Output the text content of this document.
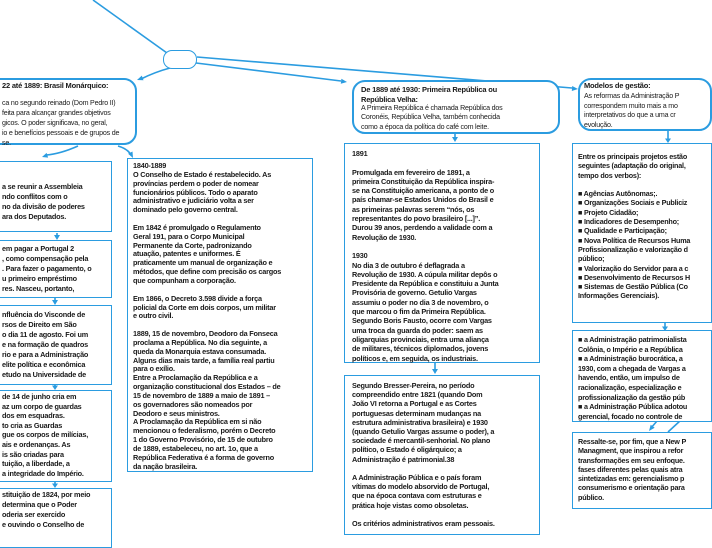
22 até 1889: Brasil Monárquico:
ca no segundo reinado (Dom Pedro II)
feita para alcançar grandes objetivos
gicos. O poder significava, no geral,
io e benefícios pessoais e de grupos de
se.
De 1889 até 1930: Primeira República ou
República Velha:
A Primeira República é chamada República dos
Coronéis, República Velha, também conhecida
como a época da política do café com leite.
Modelos de gestão:
As reformas da Administração P
correspondem muito mais a mo
interpretativos do que a uma cr
evolução.
a se reunir a Assembleia
ndo conflitos com o
no da divisão de poderes
ara dos Deputados.
em pagar a Portugal 2
, como compensação pela
. Para fazer o pagamento, o
u primeiro empréstimo
res. Nasceu, portanto,
nfluência do Visconde de
rsos de Direito em São
o dia 11 de agosto. Foi um
e na formação de quadros
rio e para a Administração
elite política e econômica
etudo na Universidade de
de 14 de junho cria em
az um corpo de guardas
dos em esquadras.
to cria as Guardas
gue os corpos de milícias,
ais e ordenanças. As
is são criadas para
tuição, a liberdade, a
a integridade do Império.
stituição de 1824, por meio
determina que o Poder
oderia ser exercido
e ouvindo o Conselho de
1840-1889
O Conselho de Estado é restabelecido. As
províncias perdem o poder de nomear
funcionários públicos. Todo o aparato
administrativo e judiciário volta a ser
dominado pelo governo central.

Em 1842 é promulgado o Regulamento
Geral 191, para o Corpo Municipal
Permanente da Corte, padronizando
atuação, patentes e uniformes. É
praticamente um manual de organização e
métodos, que define com precisão os cargos
que compunham a corporação.

Em 1866, o Decreto 3.598 divide a força
policial da Corte em dois corpos, um militar
e outro civil.

1889, 15 de novembro, Deodoro da Fonseca
proclama a República. No dia seguinte, a
queda da Monarquia estava consumada.
Alguns dias mais tarde, a família real partiu
para o exílio.
Entre a Proclamação da República e a
organização constitucional dos Estados – de
15 de novembro de 1889 a maio de 1891 –
os governadores são nomeados por
Deodoro e seus ministros.
A Proclamação da República em si não
mencionou o federalismo, porém o Decreto
1 do Governo Provisório, de 15 de outubro
de 1889, estabeleceu, no art. 1o, que a
República Federativa é a forma de governo
da nação brasileira.
1891

Promulgada em fevereiro de 1891, a
primeira Constituição da República inspira-
se na Constituição americana, a ponto de o
país chamar-se Estados Unidos do Brasil e
as primeiras palavras serem “nós, os
representantes do povo brasileiro [...]”.
Durou 39 anos, perdendo a validade com a
Revolução de 1930.

1930
No dia 3 de outubro é deflagrada a
Revolução de 1930. A cúpula militar depôs o
Presidente da República e constituiu a Junta
Provisória de governo. Getulio Vargas
assumiu o poder no dia 3 de novembro, o
que marcou o fim da Primeira República.
Segundo Boris Fausto, ocorre com Vargas
uma troca da guarda do poder: saem as
oligarquias provinciais, entra uma aliança
de militares, técnicos diplomados, jovens
políticos e, em seguida, os industriais.
Segundo Bresser-Pereira, no período
compreendido entre 1821 (quando Dom
João VI retorna a Portugal e as Cortes
portuguesas determinam mudanças na
estrutura administrativa brasileira) e 1930
(quando Getulio Vargas assume o poder), a
sociedade é mercantil-senhorial. No plano
político, o Estado é oligárquico; a
Administração é patrimonial.38

A Administração Pública e o país foram
vítimas do modelo absorvido de Portugal,
que na época contava com estruturas e
prática hoje vistas como obsoletas.

Os critérios administrativos eram pessoais.
Entre os principais projetos estão
seguintes (adaptação do original,
tempo dos verbos):

■ Agências Autônomas;.
■ Organizações Sociais e Publiciz
■ Projeto Cidadão;
■ Indicadores de Desempenho;
■ Qualidade e Participação;
■ Nova Política de Recursos Huma
Profissionalização e valorização d
público;
■ Valorização do Servidor para a c
■ Desenvolvimento de Recursos H
■ Sistemas de Gestão Pública (Co
Informações Gerenciais).
■ a Administração patrimonialista
Colônia, o Império e a República
■ a Administração burocrática, a
1930, com a chegada de Vargas a
havendo, então, um impulso de
racionalização, especialização e
profissionalização da gestão púb
■ a Administração Pública adotou
gerencial, focado no controle de
Ressalte-se, por fim, que a New P
Managment, que inspirou a refor
transformações em seu enfoque.
fases diferentes pelas quais atra
sintetizadas em: gerencialismo p
consumerismo e orientação para
público.
